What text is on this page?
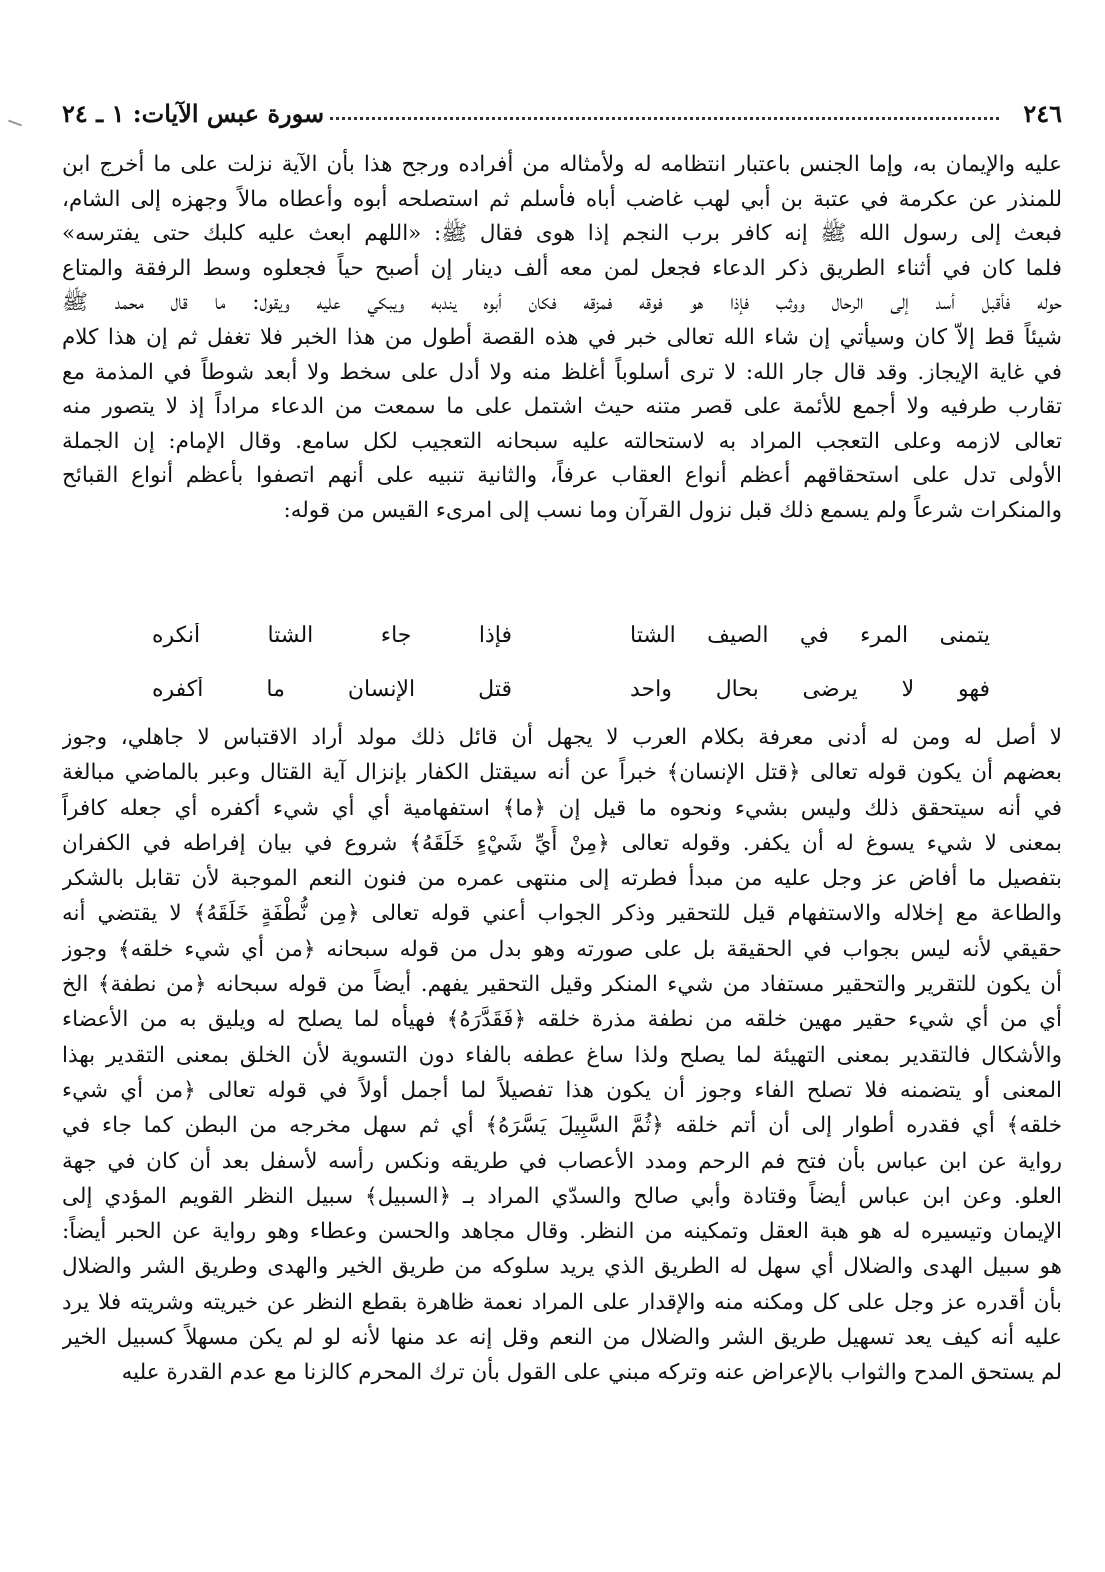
٢٤٦
سورة عبس الآيات: ١ ـ ٢٤
عليه والإيمان به، وإما الجنس باعتبار انتظامه له ولأمثاله من أفراده ورجح هذا بأن الآية نزلت على ما أخرج ابن
للمنذر عن عكرمة في عتبة بن أبي لهب غاضب أباه فأسلم ثم استصلحه أبوه وأعطاه مالاً وجهزه إلى الشام،
فبعث إلى رسول الله ﷺ إنه كافر برب النجم إذا هوى فقال ﷺ: «اللهم ابعث عليه كلبك حتى يفترسه»
فلما كان في أثناء الطريق ذكر الدعاء فجعل لمن معه ألف دينار إن أصبح حياً فجعلوه وسط الرفقة والمتاع
حوله فأقبل أسد إلى الرحال ووثب فإذا هو فوقه فمزقه فكان أبوه يندبه ويبكي عليه ويقول: ما قال محمد ﷺ
شيئاً قط إلاّ كان وسيأتي إن شاء الله تعالى خبر في هذه القصة أطول من هذا الخبر فلا تغفل ثم إن هذا كلام
في غاية الإيجاز. وقد قال جار الله: لا ترى أسلوباً أغلظ منه ولا أدل على سخط ولا أبعد شوطاً في المذمة مع
تقارب طرفيه ولا أجمع للأئمة على قصر متنه حيث اشتمل على ما سمعت من الدعاء مراداً إذ لا يتصور منه
تعالى لازمه وعلى التعجب المراد به لاستحالته عليه سبحانه التعجيب لكل سامع. وقال الإمام: إن الجملة
الأولى تدل على استحقاقهم أعظم أنواع العقاب عرفاً، والثانية تنبيه على أنهم اتصفوا بأعظم أنواع القبائح
والمنكرات شرعاً ولم يسمع ذلك قبل نزول القرآن وما نسب إلى امرىء القيس من قوله:
يتمنى المرء في الصيف الشتا
فإذا جاء الشتا أنكره
فهو لا يرضى بحال واحد
قتل الإنسان ما أكفره
لا أصل له ومن له أدنى معرفة بكلام العرب لا يجهل أن قائل ذلك مولد أراد الاقتباس لا جاهلي، وجوز
بعضهم أن يكون قوله تعالى ﴿قتل الإنسان﴾ خبراً عن أنه سيقتل الكفار بإنزال آية القتال وعبر بالماضي مبالغة
في أنه سيتحقق ذلك وليس بشيء ونحوه ما قيل إن ﴿ما﴾ استفهامية أي أي شيء أكفره أي جعله كافراً
بمعنى لا شيء يسوغ له أن يكفر. وقوله تعالى ﴿مِنْ أَيِّ شَيْءٍ خَلَقَهُ﴾ شروع في بيان إفراطه في الكفران
بتفصيل ما أفاض عز وجل عليه من مبدأ فطرته إلى منتهى عمره من فنون النعم الموجبة لأن تقابل بالشكر
والطاعة مع إخلاله والاستفهام قيل للتحقير وذكر الجواب أعني قوله تعالى ﴿مِن نُّطْفَةٍ خَلَقَهُ﴾ لا يقتضي أنه
حقيقي لأنه ليس بجواب في الحقيقة بل على صورته وهو بدل من قوله سبحانه ﴿من أي شيء خلقه﴾ وجوز
أن يكون للتقرير والتحقير مستفاد من شيء المنكر وقيل التحقير يفهم. أيضاً من قوله سبحانه ﴿من نطفة﴾ الخ
أي من أي شيء حقير مهين خلقه من نطفة مذرة خلقه ﴿فَقَدَّرَهُ﴾ فهيأه لما يصلح له ويليق به من الأعضاء
والأشكال فالتقدير بمعنى التهيئة لما يصلح ولذا ساغ عطفه بالفاء دون التسوية لأن الخلق بمعنى التقدير بهذا
المعنى أو يتضمنه فلا تصلح الفاء وجوز أن يكون هذا تفصيلاً لما أجمل أولاً في قوله تعالى ﴿من أي شيء
خلقه﴾ أي فقدره أطوار إلى أن أتم خلقه ﴿ثُمَّ السَّبِيلَ يَسَّرَهُ﴾ أي ثم سهل مخرجه من البطن كما جاء في
رواية عن ابن عباس بأن فتح فم الرحم ومدد الأعصاب في طريقه ونكس رأسه لأسفل بعد أن كان في جهة
العلو. وعن ابن عباس أيضاً وقتادة وأبي صالح والسدّي المراد بـ ﴿السبيل﴾ سبيل النظر القويم المؤدي إلى
الإيمان وتيسيره له هو هبة العقل وتمكينه من النظر. وقال مجاهد والحسن وعطاء وهو رواية عن الحبر أيضاً:
هو سبيل الهدى والضلال أي سهل له الطريق الذي يريد سلوكه من طريق الخير والهدى وطريق الشر والضلال
بأن أقدره عز وجل على كل ومكنه منه والإقدار على المراد نعمة ظاهرة بقطع النظر عن خيريته وشريته فلا يرد
عليه أنه كيف يعد تسهيل طريق الشر والضلال من النعم وقل إنه عد منها لأنه لو لم يكن مسهلاً كسبيل الخير
لم يستحق المدح والثواب بالإعراض عنه وتركه مبني على القول بأن ترك المحرم كالزنا مع عدم القدرة عليه
